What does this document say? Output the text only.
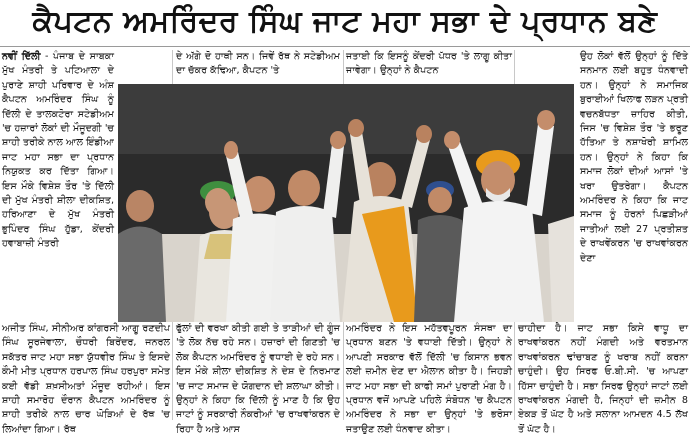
ਕੈਪਟਨ ਅਮਰਿੰਦਰ ਸਿੰਘ ਜਾਟ ਮਹਾ ਸਭਾ ਦੇ ਪ੍ਰਧਾਨ ਬਣੇ
ਨਵੀਂ ਦਿੱਲੀ - ਪੰਜਾਬ ਦੇ ਸਾਬਕਾ ਮੁੱਖ ਮੰਤਰੀ ਤੇ ਪਟਿਆਲਾ ਦੇ ਪੁਰਾਣੇ ਸ਼ਾਹੀ ਪਰਿਵਾਰ ਦੇ ਅੰਸ਼ ਕੈਪਟਨ ਅਮਰਿੰਦਰ ਸਿੰਘ ਨੂੰ ਦਿੱਲੀ ਦੇ ਤਾਲਕਟੋਰਾ ਸਟੇਡੀਅਮ 'ਚ ਹਜ਼ਾਰਾਂ ਲੋਕਾਂ ਦੀ ਮੌਜੂਦਗੀ 'ਚ ਸ਼ਾਹੀ ਤਰੀਕੇ ਨਾਲ ਆਲ ਇੰਡੀਆ ਜਾਟ ਮਹਾ ਸਭਾ ਦਾ ਪ੍ਰਧਾਨ ਨਿਯੁਕਤ ਕਰ ਦਿੱਤਾ ਗਿਆ। ਇਸ ਮੌਕੇ ਵਿਸ਼ੇਸ਼ ਤੌਰ 'ਤੇ ਦਿੱਲੀ ਦੀ ਮੁੱਖ ਮੰਤਰੀ ਸ਼ੀਲਾ ਦੀਕਸ਼ਿਤ, ਹਰਿਆਣਾ ਦੇ ਮੁੱਖ ਮੰਤਰੀ ਭੁਪਿੰਦਰ ਸਿੰਘ ਹੁੱਡਾ, ਕੇਂਦਰੀ ਹਵਾਬਾਜ਼ੀ ਮੰਤਰੀ
ਅਜੀਤ ਸਿੰਘ, ਸੀਨੀਅਰ ਕਾਂਗਰਸੀ ਆਗੂ ਰਣਦੀਪ ਸਿੰਘ ਸੂਰਜੇਵਾਲਾ, ਚੌਧਰੀ ਬਿਰੇਂਦਰ, ਜਨਰਲ ਸਕੱਤਰ ਜਾਟ ਮਹਾ ਸਭਾ ਯੁੱਧਵੀਰ ਸਿੰਘ ਤੇ ਇਸਦੇ ਕੌਮੀ ਮੀਤ ਪ੍ਰਧਾਨ ਹਰਪਾਲ ਸਿੰਘ ਹਰਪੁਰਾ ਸਮੇਤ ਕਈ ਵੱਡੀ ਸ਼ਖ਼ਸੀਅਤਾਂ ਮੌਜੂਦ ਰਹੀਆਂ। ਇਸ ਸ਼ਾਹੀ ਸਮਾਰੋਹ ਦੌਰਾਨ ਕੈਪਟਨ ਅਮਰਿੰਦਰ ਨੂੰ ਸ਼ਾਹੀ ਤਰੀਕੇ ਨਾਲ ਚਾਰ ਘੋੜਿਆਂ ਦੇ ਰੱਥ 'ਚ ਲਿਆਂਦਾ ਗਿਆ। ਰੱਥ
ਦੇ ਅੱਗੇ ਦੋ ਹਾਥੀ ਸਨ। ਜਿਵੇਂ ਰੱਥ ਨੇ ਸਟੇਡੀਅਮ ਦਾ ਚੱਕਰ ਕੱਢਿਆ, ਕੈਪਟਨ 'ਤੇ
ਫੁੱਲਾਂ ਦੀ ਵਰਖਾ ਕੀਤੀ ਗਈ ਤੇ ਤਾੜੀਆਂ ਦੀ ਗੂੰਜ 'ਤੇ ਲੋਕ ਨੱਚ ਰਹੇ ਸਨ। ਹਜ਼ਾਰਾਂ ਦੀ ਗਿਣਤੀ 'ਚ ਲੋਕ ਕੈਪਟਨ ਅਮਰਿੰਦਰ ਨੂੰ ਵਧਾਈ ਦੇ ਰਹੇ ਸਨ। ਇਸ ਮੌਕੇ ਸ਼ੀਲਾ ਦੀਕਸ਼ਿਤ ਨੇ ਦੇਸ਼ ਦੇ ਨਿਰਮਾਣ 'ਚ ਜਾਟ ਸਮਾਜ ਦੇ ਯੋਗਦਾਨ ਦੀ ਸ਼ਲਾਘਾ ਕੀਤੀ। ਉਨ੍ਹਾਂ ਨੇ ਕਿਹਾ ਕਿ ਦਿੱਲੀ ਨੂੰ ਮਾਣ ਹੈ ਕਿ ਉਹ ਜਾਟਾਂ ਨੂੰ ਸਰਕਾਰੀ ਨੌਕਰੀਆਂ 'ਚ ਰਾਖਵਾਂਕਰਨ ਦੇ ਰਿਹਾ ਹੈ ਅਤੇ ਆਸ
ਜਤਾਈ ਕਿ ਇਸਨੂੰ ਕੇਂਦਰੀ ਪੱਧਰ 'ਤੇ ਲਾਗੂ ਕੀਤਾ ਜਾਵੇਗਾ। ਉਨ੍ਹਾਂ ਨੇ ਕੈਪਟਨ
ਅਮਰਿੰਦਰ ਨੇ ਇਸ ਮਹੱਤਵਪੂਰਨ ਸੰਸਥਾ ਦਾ ਪ੍ਰਧਾਨ ਬਣਨ 'ਤੇ ਵਧਾਈ ਦਿੱਤੀ। ਉਨ੍ਹਾਂ ਨੇ ਆਪਣੀ ਸਰਕਾਰ ਵੱਲੋਂ ਦਿੱਲੀ 'ਚ ਕਿਸਾਨ ਭਵਨ ਲਈ ਜ਼ਮੀਨ ਦੇਣ ਦਾ ਐਲਾਨ ਕੀਤਾ ਹੈ। ਜਿਹੜੀ ਜਾਟ ਮਹਾ ਸਭਾ ਦੀ ਕਾਫੀ ਸਮਾਂ ਪੁਰਾਣੀ ਮੰਗ ਹੈ। ਪ੍ਰਧਾਨ ਵਜੋਂ ਆਪਣੇ ਪਹਿਲੇ ਸੰਬੋਧਨ 'ਚ ਕੈਪਟਨ ਅਮਰਿੰਦਰ ਨੇ ਸਭਾ ਦਾ ਉਨ੍ਹਾਂ 'ਤੇ ਭਰੋਸਾ ਜਤਾਉਣ ਲਈ ਧੰਨਵਾਦ ਕੀਤਾ।
ਉਹ ਲੋਕਾਂ ਵੱਲੋਂ ਉਨ੍ਹਾਂ ਨੂੰ ਦਿੱਤੇ ਸਨਮਾਨ ਲਈ ਬਹੁਤ ਧੰਨਵਾਦੀ ਹਨ। ਉਨ੍ਹਾਂ ਨੇ ਸਮਾਜਿਕ ਬੁਰਾਈਆਂ ਖਿਲਾਫ ਲੜਨ ਪ੍ਰਤੀ ਵਚਨਬੱਧਤਾ ਜ਼ਾਹਿਰ ਕੀਤੀ, ਜਿਸ 'ਚ ਵਿਸ਼ੇਸ਼ ਤੌਰ 'ਤੇ ਭਰੂਣ ਹੱਤਿਆ ਤੇ ਨਸ਼ਾਖੋਰੀ ਸ਼ਾਮਿਲ ਹਨ। ਉਨ੍ਹਾਂ ਨੇ ਕਿਹਾ ਕਿ ਸਮਾਜ ਲੋਕਾਂ ਦੀਆਂ ਆਸਾਂ 'ਤੇ ਖਰਾ ਉਤਰੇਗਾ। ਕੈਪਟਨ ਅਮਰਿੰਦਰ ਨੇ ਕਿਹਾ ਕਿ ਜਾਟ ਸਮਾਜ ਨੂੰ ਹੋਰਨਾਂ ਪਿਛੜੀਆਂ ਜਾਤੀਆਂ ਲਈ 27 ਪ੍ਰਤੀਸ਼ਤ ਦੇ ਰਾਖਵੇਂਕਰਨ 'ਚ ਰਾਖਵਾਂਕਰਨ ਦੇਣਾ
ਚਾਹੀਦਾ ਹੈ। ਜਾਟ ਸਭਾ ਕਿਸੇ ਵਾਧੂ ਦਾ ਰਾਖਵਾਂਕਰਨ ਨਹੀਂ ਮੰਗਦੀ ਅਤੇ ਵਰਤਮਾਨ ਰਾਖਵਾਂਕਰਨ ਢਾਂਚਾਬਣ ਨੂੰ ਖਰਾਬ ਨਹੀਂ ਕਰਨਾ ਚਾਹੁੰਦੀ। ਉਹ ਸਿਰਫ ਓ.ਬੀ.ਸੀ. 'ਚ ਆਪਣਾ ਹਿੱਸਾ ਚਾਹੁੰਦੀ ਹੈ। ਸਭਾ ਸਿਰਫ ਉਨ੍ਹਾਂ ਜਾਟਾਂ ਲਈ ਰਾਖਵਾਂਕਰਨ ਮੰਗਦੀ ਹੈ, ਜਿਨ੍ਹਾਂ ਦੀ ਜ਼ਮੀਨ 8 ਏਕੜ ਤੋਂ ਘੱਟ ਹੈ ਅਤੇ ਸਲਾਨਾ ਆਮਦਨ 4.5 ਲੱਖ ਤੋਂ ਘੱਟ ਹੈ।
